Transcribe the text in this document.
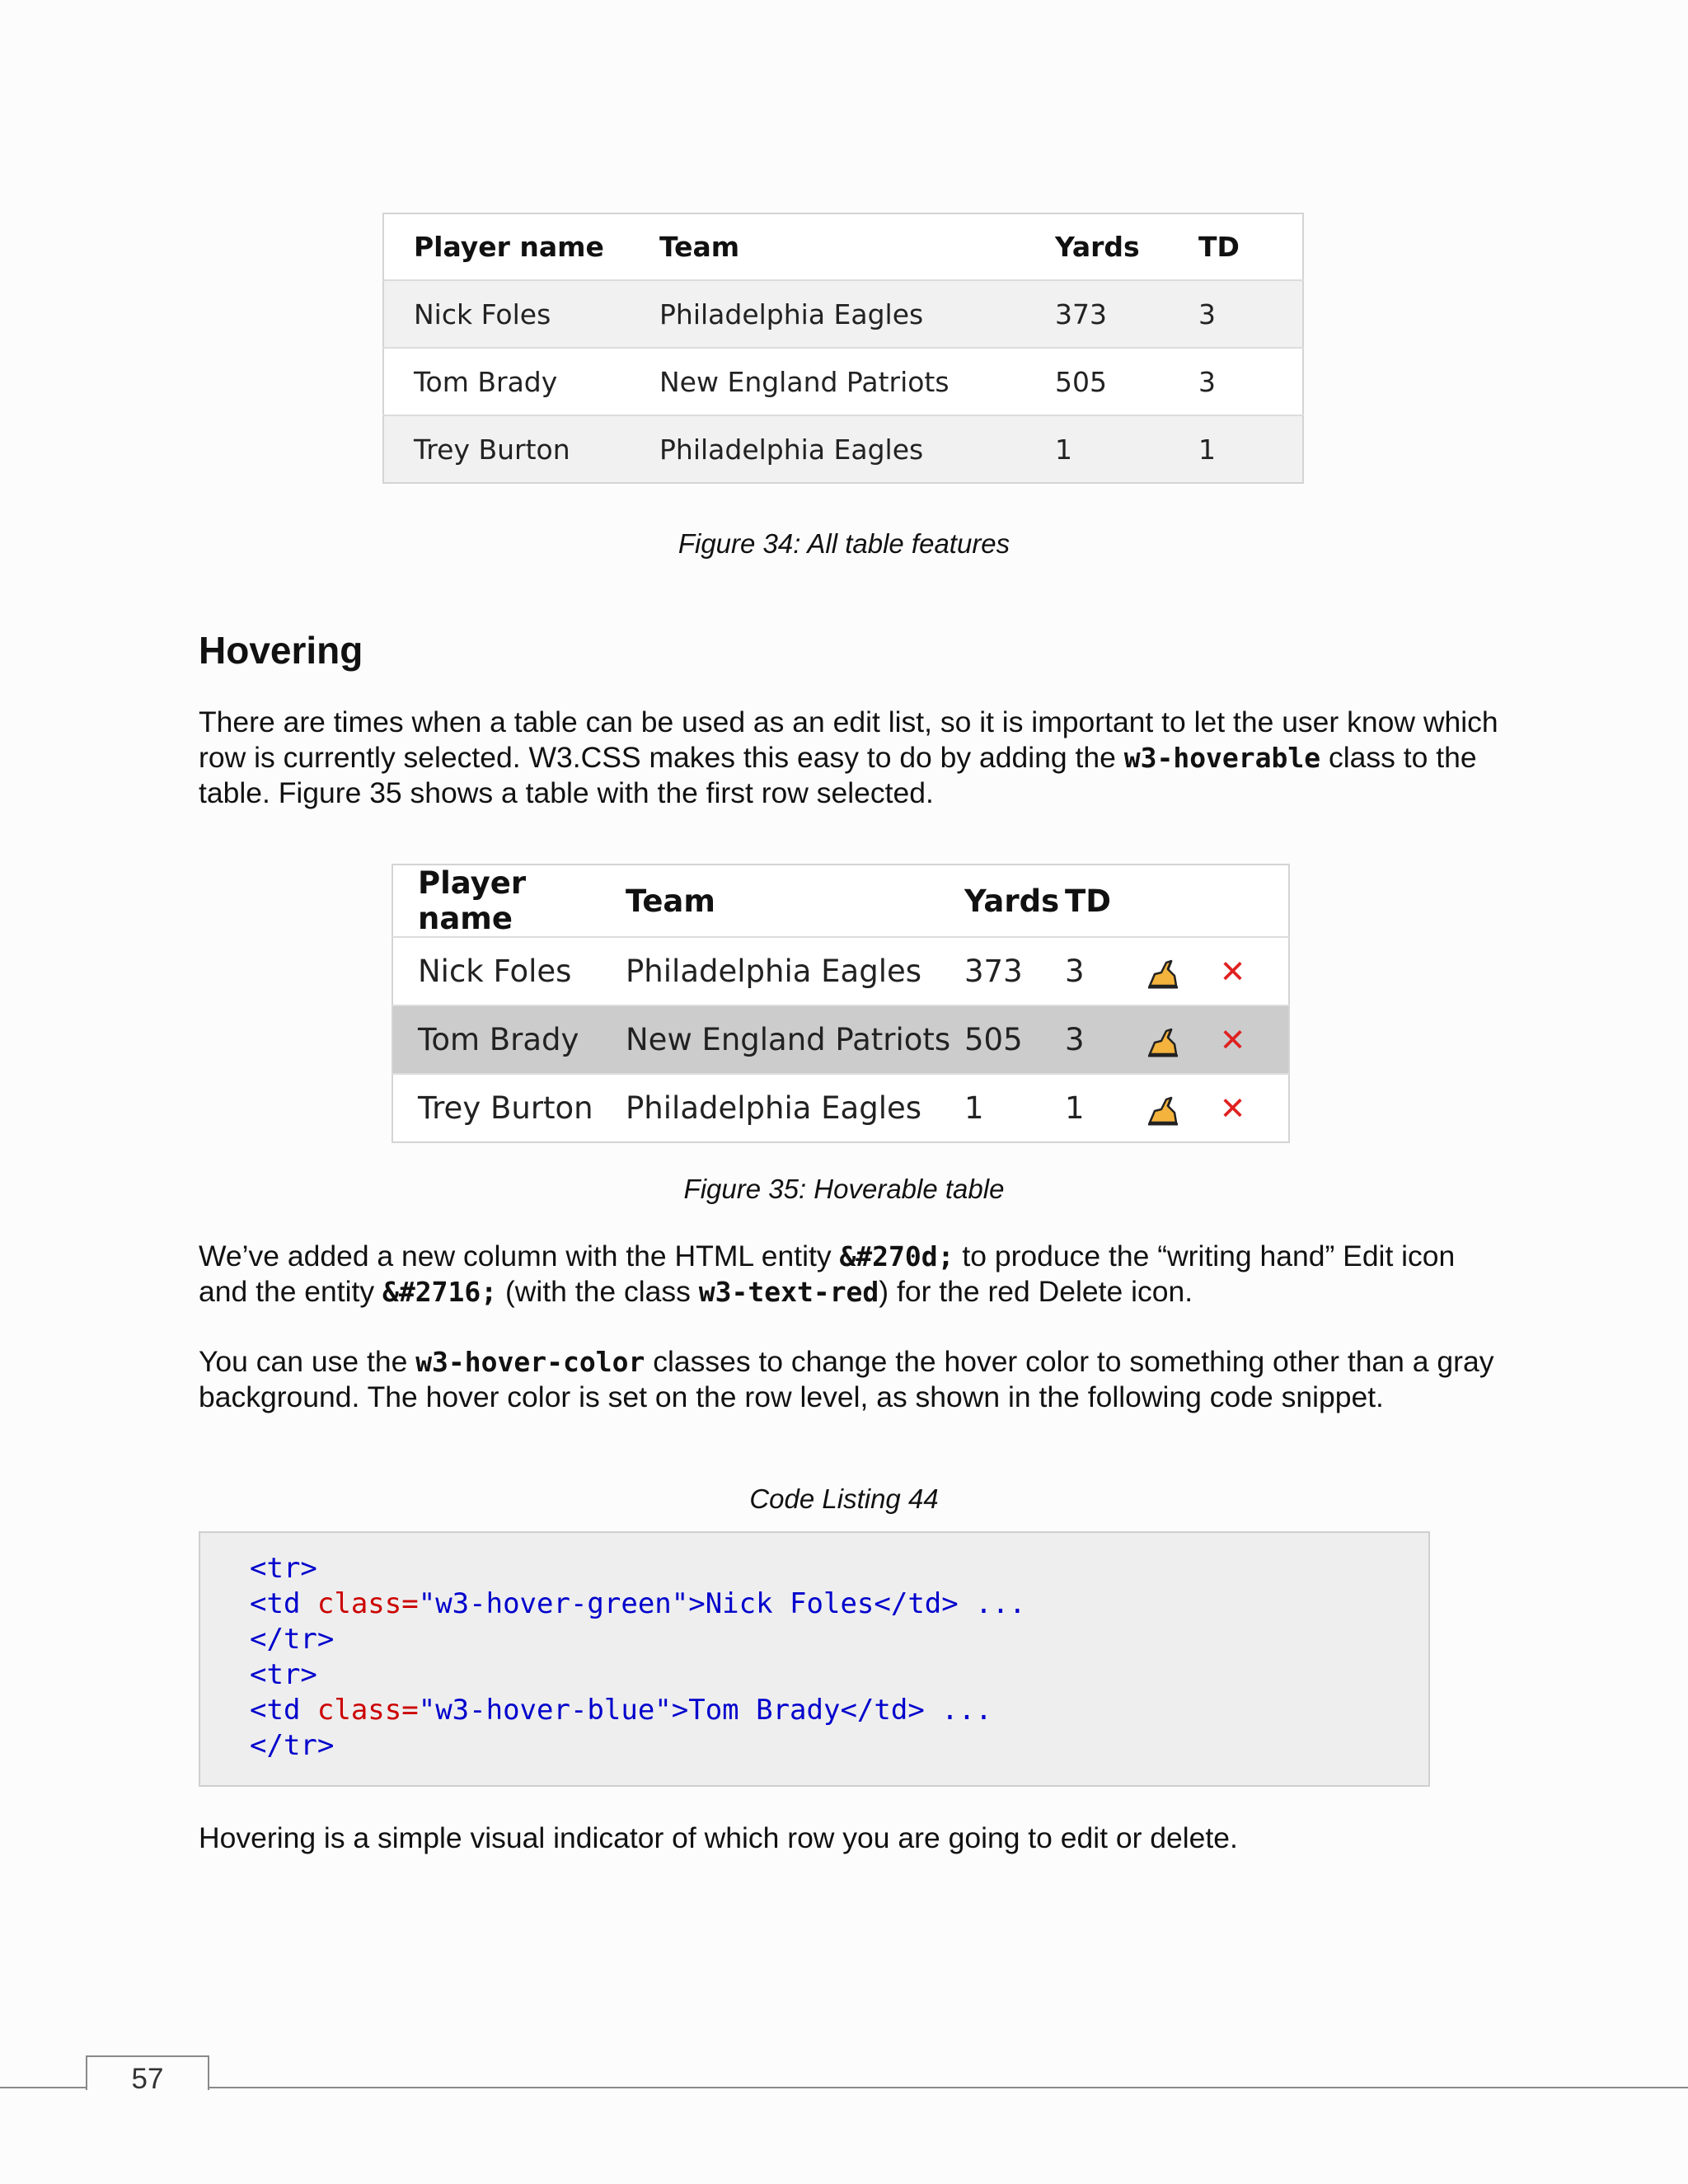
Player name	Team	Yards	TD
Nick Foles	Philadelphia Eagles	373	3
Tom Brady	New England Patriots	505	3
Trey Burton	Philadelphia Eagles	1	1
Figure 34: All table features
Hovering

There are times when a table can be used as an edit list, so it is important to let the user know which row is currently selected. W3.CSS makes this easy to do by adding the w3-hoverable class to the table. Figure 35 shows a table with the first row selected.

Player name	Team	Yards	TD		
Nick Foles	Philadelphia Eagles	373	3		✕
Tom Brady	New England Patriots	505	3		✕
Trey Burton	Philadelphia Eagles	1	1		✕
Figure 35: Hoverable table

We’ve added a new column with the HTML entity &#270d; to produce the “writing hand” Edit icon and the entity &#2716; (with the class w3-text-red) for the red Delete icon.

You can use the w3-hover-color classes to change the hover color to something other than a gray background. The hover color is set on the row level, as shown in the following code snippet.

Code Listing 44
<tr>
<td class="w3-hover-green">Nick Foles</td> ...
</tr>
<tr>
<td class="w3-hover-blue">Tom Brady</td> ...
</tr>

Hovering is a simple visual indicator of which row you are going to edit or delete.

57
